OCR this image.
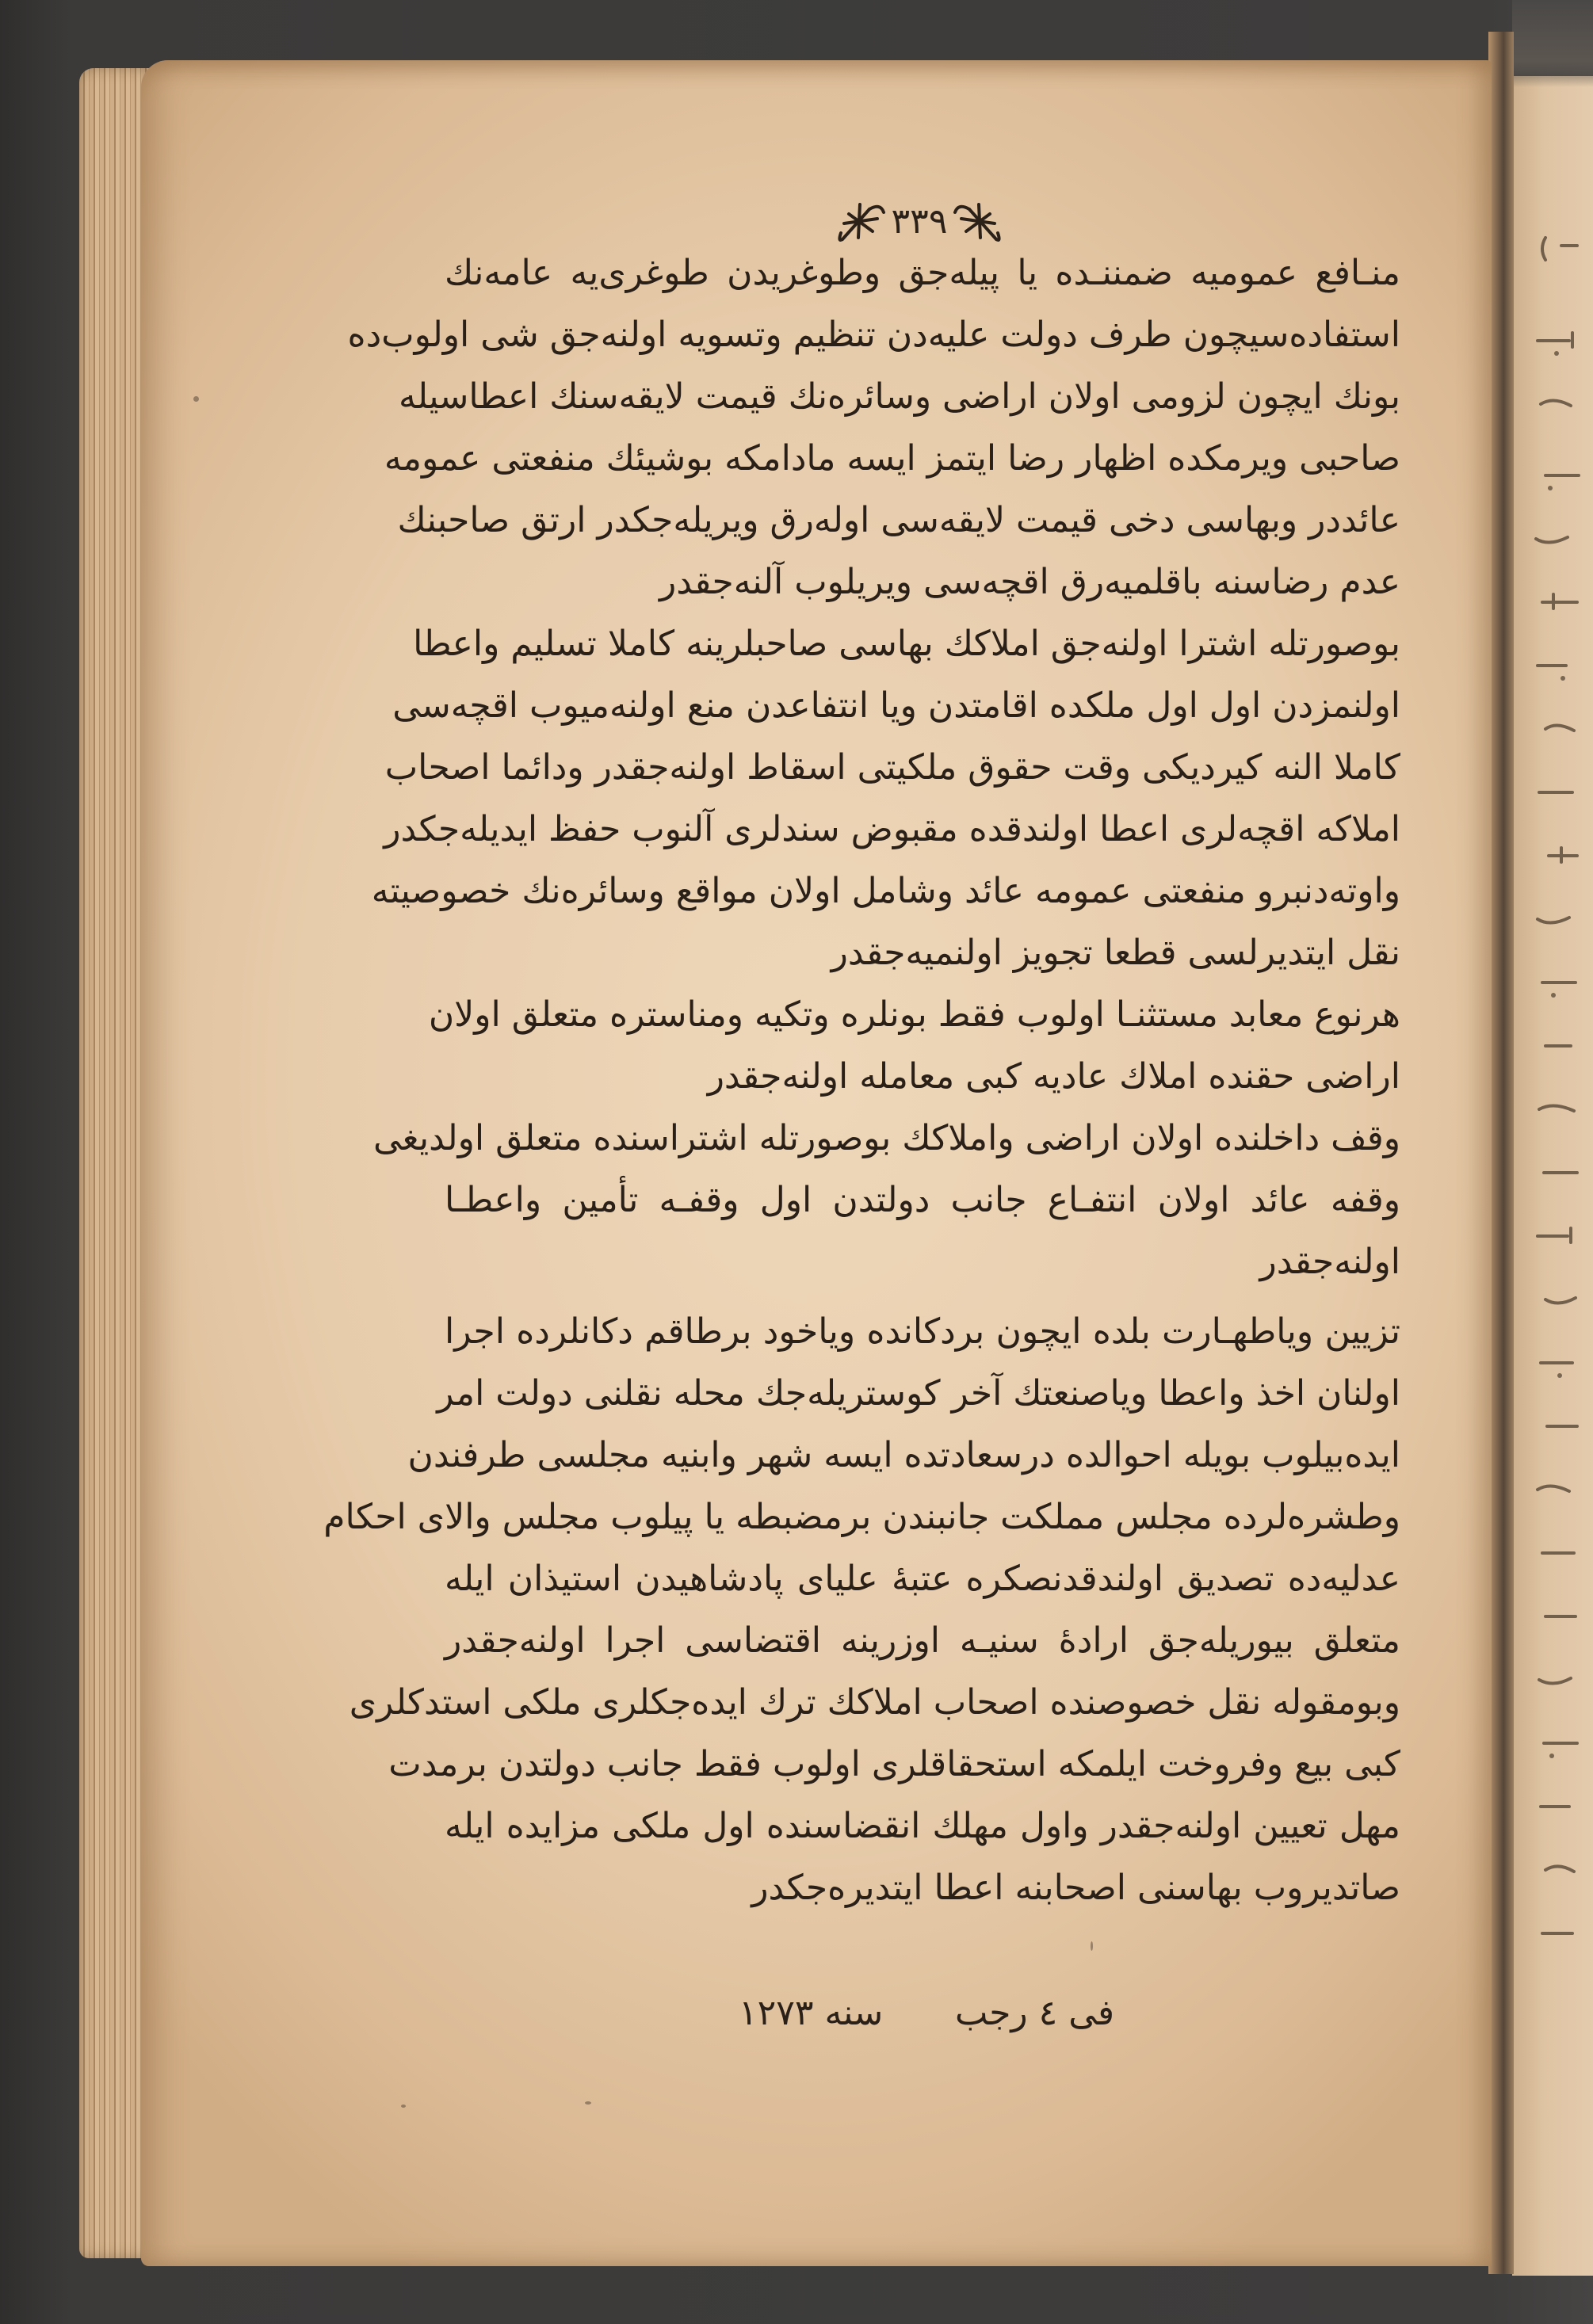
٣٣٩
منـافع عموميه ضمننـده يا پيله‌جق وطوغريدن طوغرى‌يه عامه‌نك
استفاده‌سيچون طرف دولت عليه‌دن تنظيم وتسويه اولنه‌جق شى اولوب‌ده
بونك ايچون لزومى اولان اراضى وسائره‌نك قيمت لايقه‌سنك اعطاسيله
صاحبى ويرمكده اظهار رضا ايتمز ايسه مادامكه بوشيئك منفعتى عمومه
عائددر وبهاسى دخى قيمت لايقه‌سى اوله‌رق ويريله‌جكدر ارتق صاحبنك
عدم رضاسنه باقلميه‌رق اقچه‌سى ويريلوب آلنه‌جقدر
بوصورتله اشترا اولنه‌جق املاكك بهاسى صاحبلرينه كاملا تسليم واعطا
اولنمزدن اول اول ملكده اقامتدن ويا انتفاعدن منع اولنه‌ميوب اقچه‌سى
كاملا النه كيرديكى وقت حقوق ملكيتى اسقاط اولنه‌جقدر ودائما اصحاب
املاكه اقچه‌لرى اعطا اولندقده مقبوض سندلرى آلنوب حفظ ايديله‌جكدر
واوته‌دنبرو منفعتى عمومه عائد وشامل اولان مواقع وسائره‌نك خصوصيته
نقل ايتديرلسى قطعا تجويز اولنميه‌جقدر
هرنوع معابد مستثنـا اولوب فقط بونلره وتكيه ومناستره متعلق اولان
اراضى حقنده املاك عاديه كبى معامله اولنه‌جقدر
وقف داخلنده اولان اراضى واملاكك بوصورتله اشتراسنده متعلق اولديغى
وقفه عائد اولان انتفـاع جانب دولتدن اول وقفـه تأمين واعطـا
اولنه‌جقدر
تزيين وياطهـارت بلده ايچون بردكانده وياخود برطاقم دكانلرده اجرا
اولنان اخذ واعطا وياصنعتك آخر كوستريله‌جك محله نقلنى دولت امر
ايده‌بيلوب بويله احوالده درسعادتده ايسه شهر وابنيه مجلسى طرفندن
وطشره‌لرده مجلس مملكت جانبندن برمضبطه يا پيلوب مجلس والاى احكام
عدليه‌ده تصديق اولندقدنصكره عتبهٔ علياى پادشاهيدن استيذان ايله
متعلق بيوريله‌جق ارادهٔ سنيـه اوزرينه اقتضاسى اجرا اولنه‌جقدر
وبومقوله نقل خصوصنده اصحاب املاكك ترك ايده‌جكلرى ملكى استدكلرى
كبى بيع وفروخت ايلمكه استحقاقلرى اولوب فقط جانب دولتدن برمدت
مهل تعيين اولنه‌جقدر واول مهلك انقضاسنده اول ملكى مزايده ايله
صاتديروب بهاسنى اصحابنه اعطا ايتديره‌جكدر
فى ٤ رجب
سنه ١٢٧٣
